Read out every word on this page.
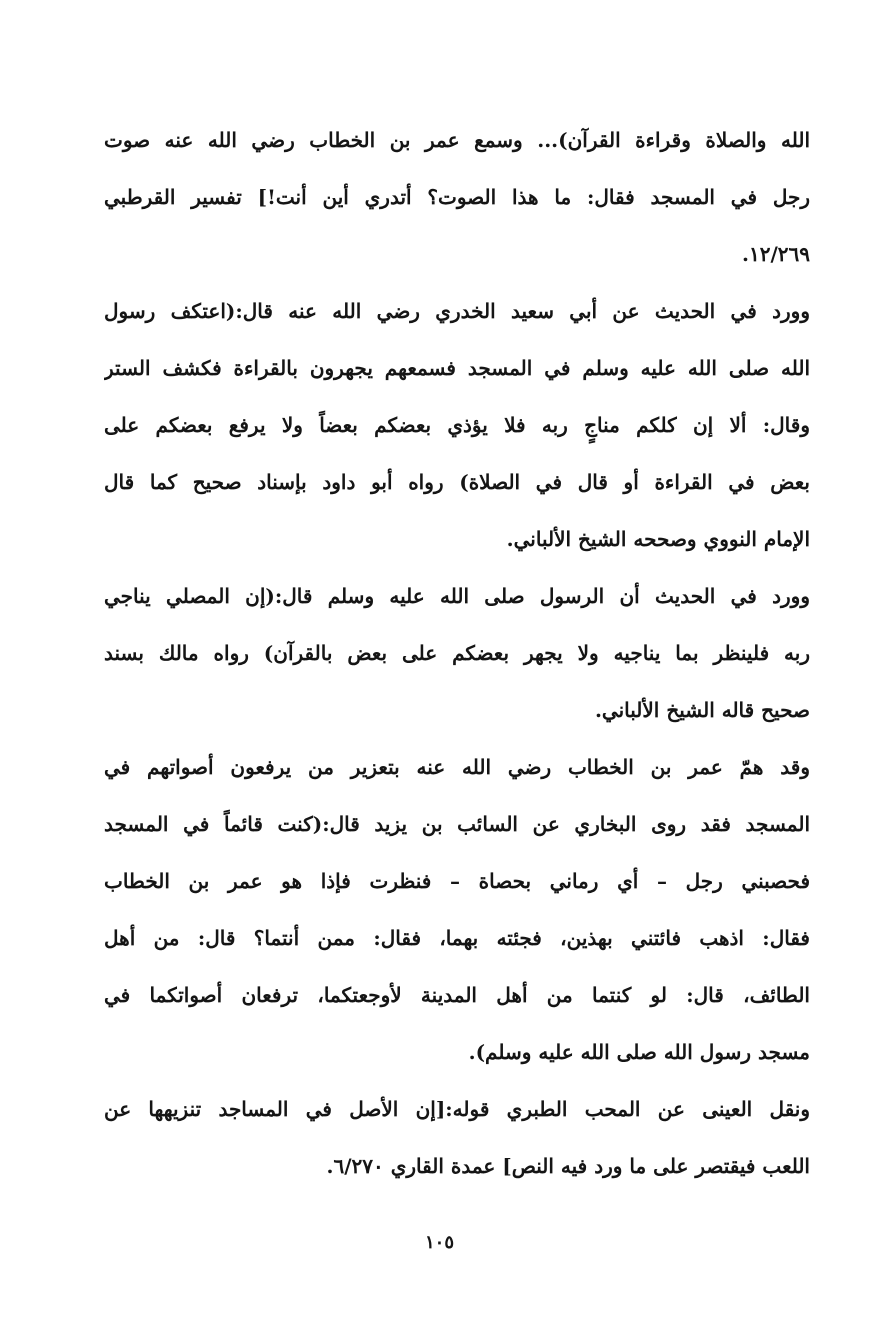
الله والصلاة وقراءة القرآن)... وسمع عمر بن الخطاب رضي الله عنه صوت
رجل في المسجد فقال: ما هذا الصوت؟ أتدري أين أنت!] تفسير القرطبي
١٢/٢٦٩.
وورد في الحديث عن أبي سعيد الخدري رضي الله عنه قال:(اعتكف رسول
الله صلى الله عليه وسلم في المسجد فسمعهم يجهرون بالقراءة فكشف الستر
وقال: ألا إن كلكم مناجٍ ربه فلا يؤذي بعضكم بعضاً ولا يرفع بعضكم على
بعض في القراءة أو قال في الصلاة) رواه أبو داود بإسناد صحيح كما قال
الإمام النووي وصححه الشيخ الألباني.
وورد في الحديث أن الرسول صلى الله عليه وسلم قال:(إن المصلي يناجي
ربه فلينظر بما يناجيه ولا يجهر بعضكم على بعض بالقرآن) رواه مالك بسند
صحيح قاله الشيخ الألباني.
وقد همّ عمر بن الخطاب رضي الله عنه بتعزير من يرفعون أصواتهم في
المسجد فقد روى البخاري عن السائب بن يزيد قال:(كنت قائماً في المسجد
فحصبني رجل – أي رماني بحصاة – فنظرت فإذا هو عمر بن الخطاب
فقال: اذهب فائتني بهذين، فجئته بهما، فقال: ممن أنتما؟ قال: من أهل
الطائف، قال: لو كنتما من أهل المدينة لأوجعتكما، ترفعان أصواتكما في
مسجد رسول الله صلى الله عليه وسلم).
ونقل العينى عن المحب الطبري قوله:[إن الأصل في المساجد تنزيهها عن
اللعب فيقتصر على ما ورد فيه النص] عمدة القاري ٦/٢٧٠.
١٠٥
